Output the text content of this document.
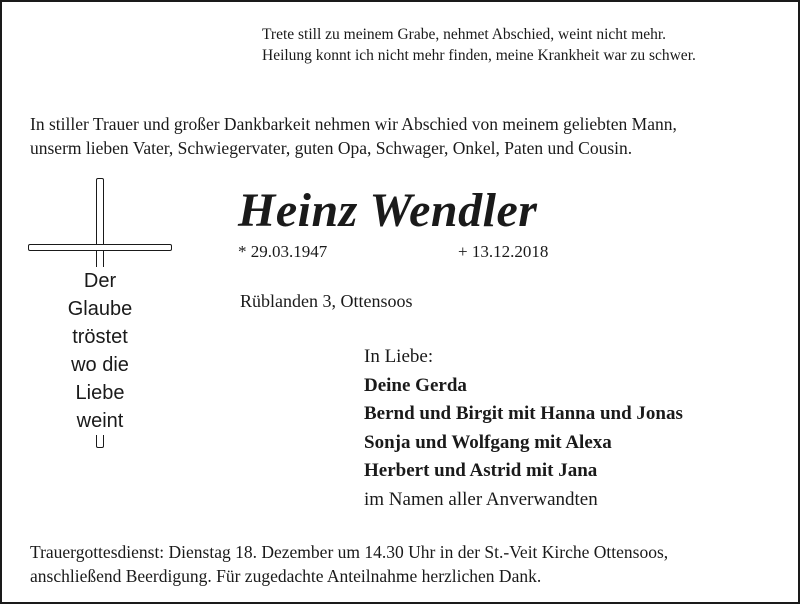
Trete still zu meinem Grabe, nehmet Abschied, weint nicht mehr.
Heilung konnt ich nicht mehr finden, meine Krankheit war zu schwer.
In stiller Trauer und großer Dankbarkeit nehmen wir Abschied von meinem geliebten Mann,
unserm lieben Vater, Schwiegervater, guten Opa, Schwager, Onkel, Paten und Cousin.
Der
Glaube
tröstet
wo die
Liebe
weint
Heinz Wendler
* 29.03.1947	+ 13.12.2018
Rüblanden 3, Ottensoos
In Liebe:
Deine Gerda
Bernd und Birgit mit Hanna und Jonas
Sonja und Wolfgang mit Alexa
Herbert und Astrid mit Jana
im Namen aller Anverwandten
Trauergottesdienst: Dienstag 18. Dezember um 14.30 Uhr in der St.-Veit Kirche Ottensoos,
anschließend Beerdigung. Für zugedachte Anteilnahme herzlichen Dank.
